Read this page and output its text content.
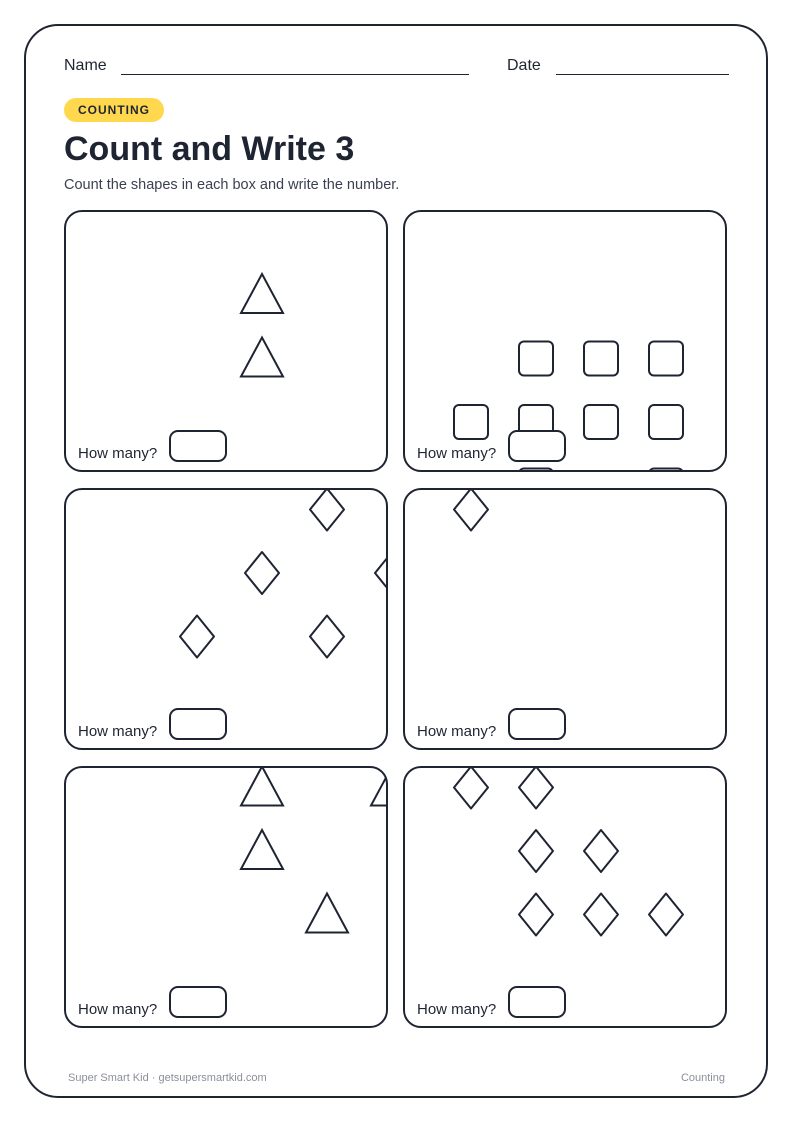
Name	Date
COUNTING
Count and Write 3

Count the shapes in each box and write the number.

How many?	How many?
How many?	How many?
How many?	How many?
Super Smart Kid · getsupersmartkid.com	Counting
